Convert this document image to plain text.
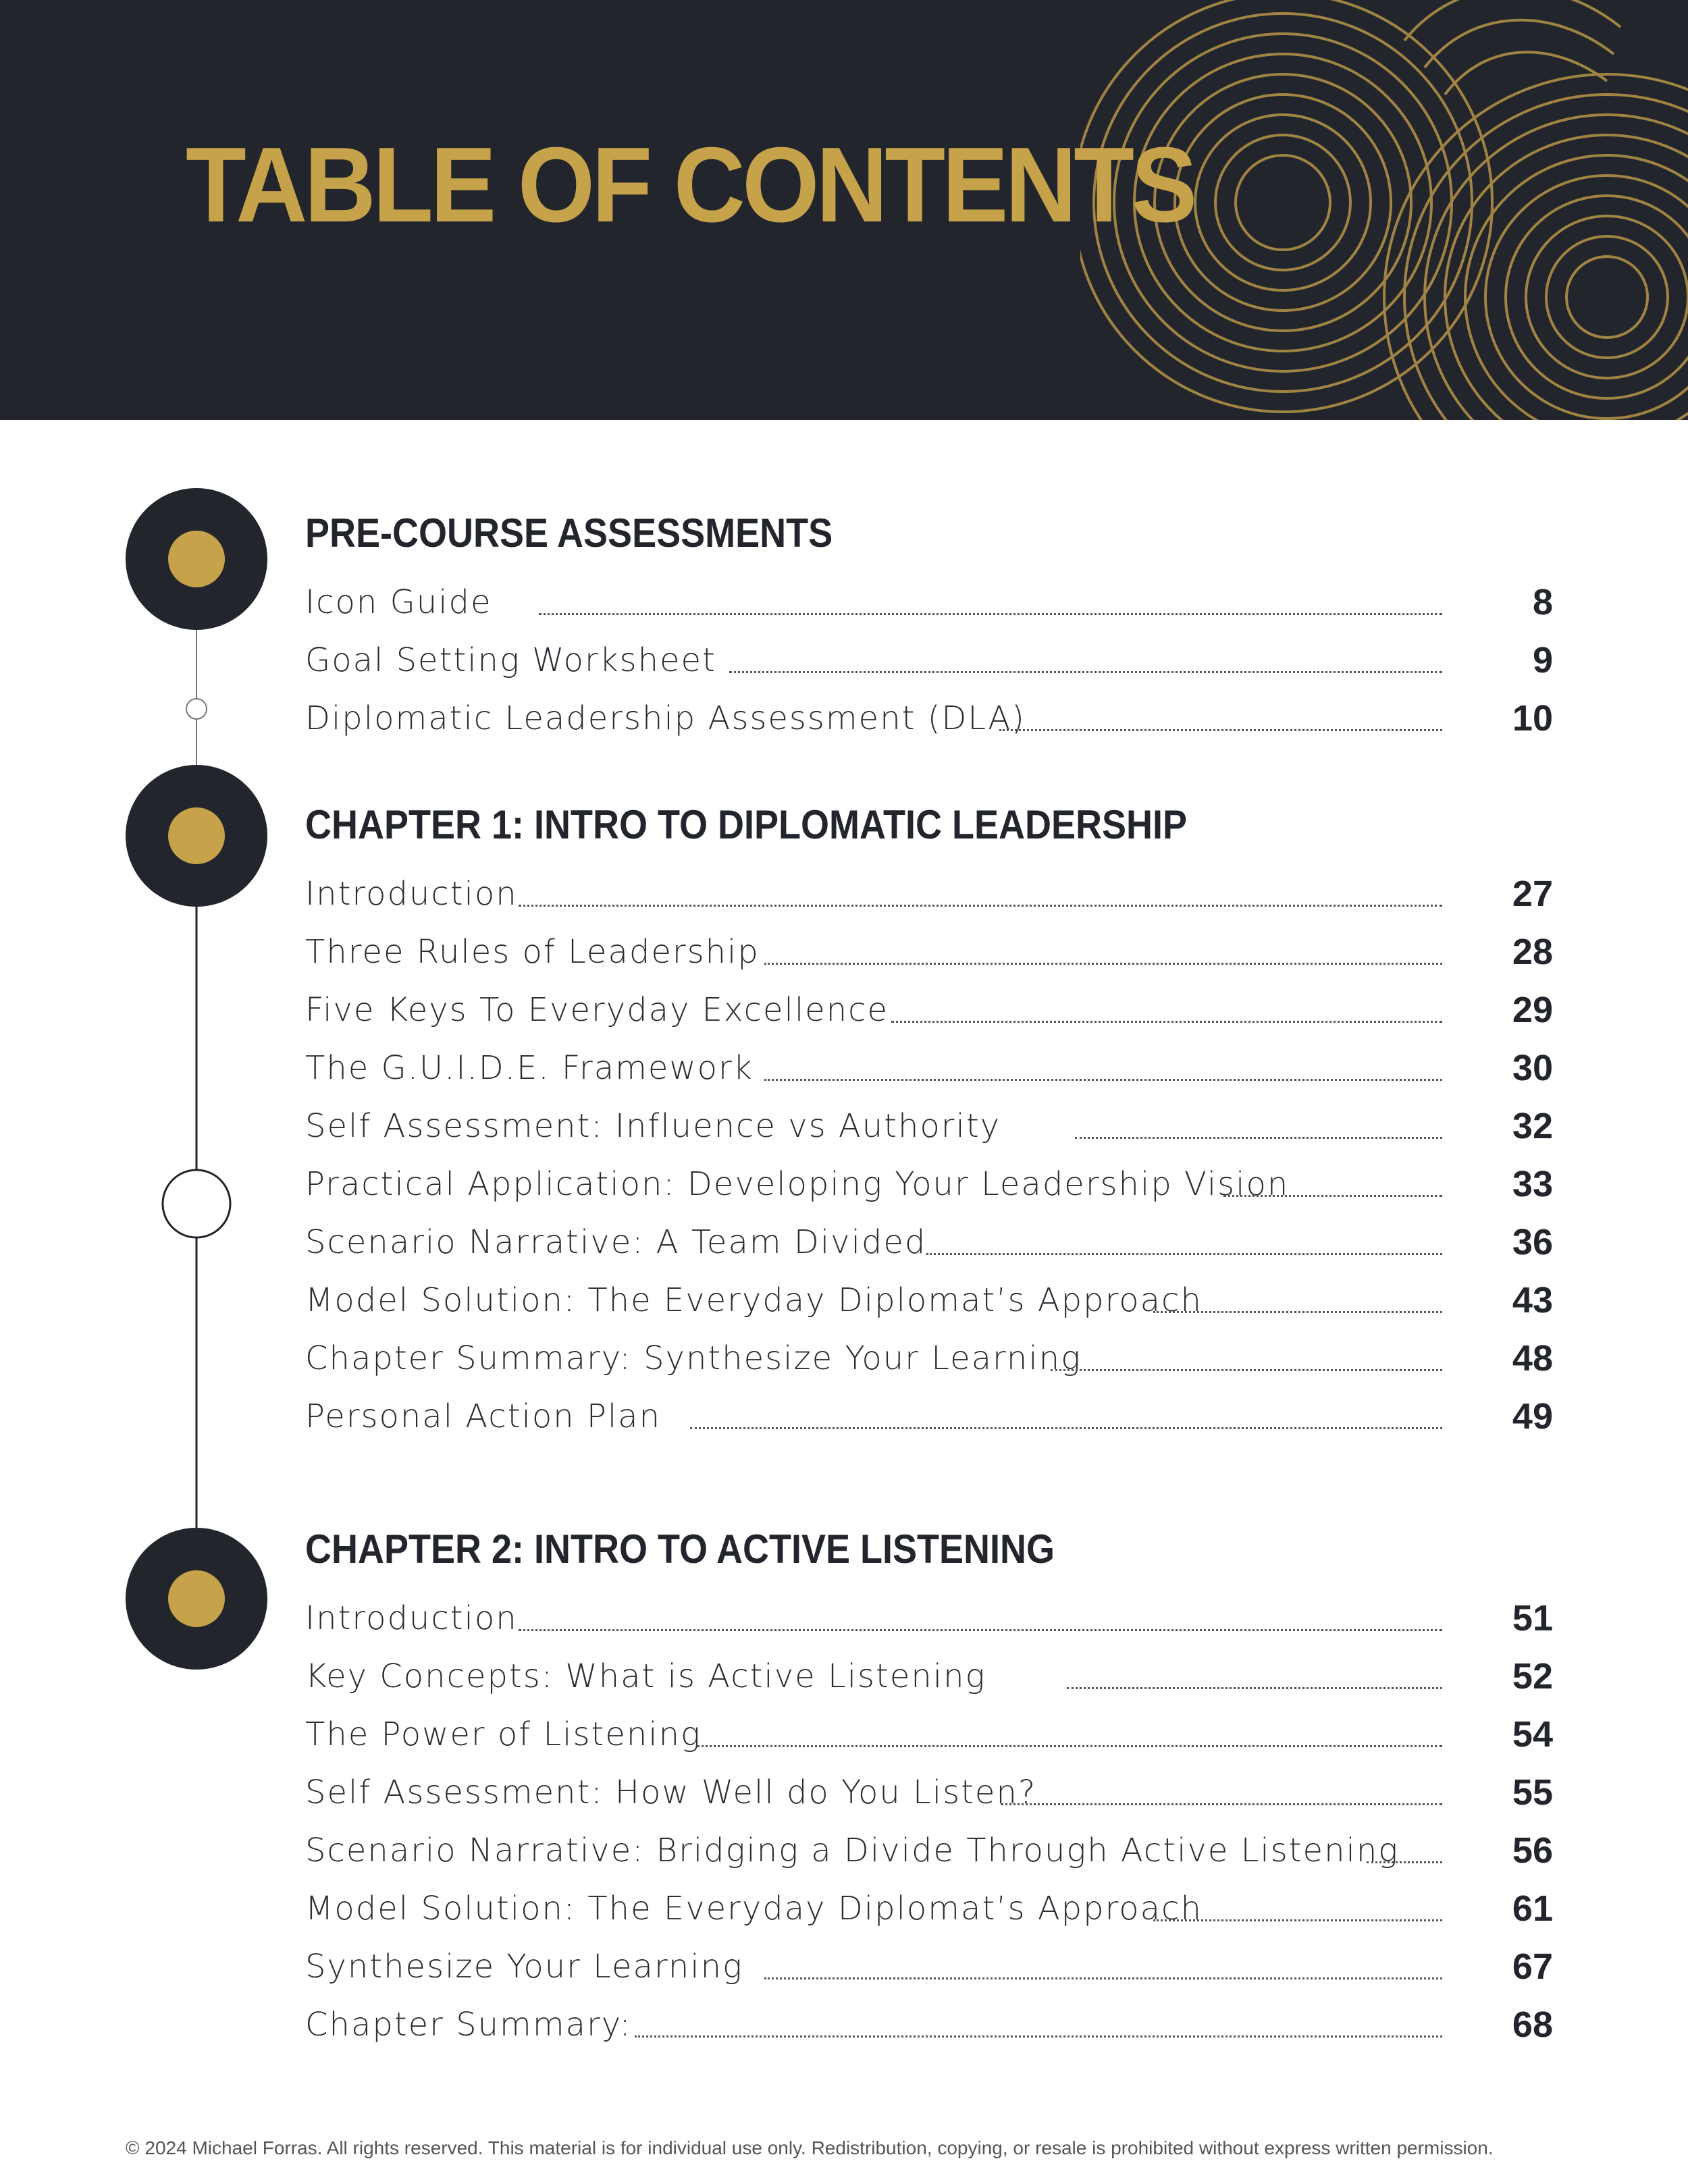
TABLE OF CONTENTS
PRE-COURSE ASSESSMENTS
Icon Guide	8
Goal Setting Worksheet	9
Diplomatic Leadership Assessment (DLA)	10
CHAPTER 1: INTRO TO DIPLOMATIC LEADERSHIP
Introduction	27
Three Rules of Leadership	28
Five Keys To Everyday Excellence	29
The G.U.I.D.E. Framework	30
Self Assessment: Influence vs Authority	32
Practical Application: Developing Your Leadership Vision	33
Scenario Narrative: A Team Divided	36
Model Solution: The Everyday Diplomat’s Approach	43
Chapter Summary: Synthesize Your Learning	48
Personal Action Plan	49
CHAPTER 2: INTRO TO ACTIVE LISTENING
Introduction	51
Key Concepts: What is Active Listening	52
The Power of Listening	54
Self Assessment: How Well do You Listen?	55
Scenario Narrative: Bridging a Divide Through Active Listening	56
Model Solution: The Everyday Diplomat’s Approach	61
Synthesize Your Learning	67
Chapter Summary:	68
© 2024 Michael Forras. All rights reserved. This material is for individual use only. Redistribution, copying, or resale is prohibited without express written permission.
